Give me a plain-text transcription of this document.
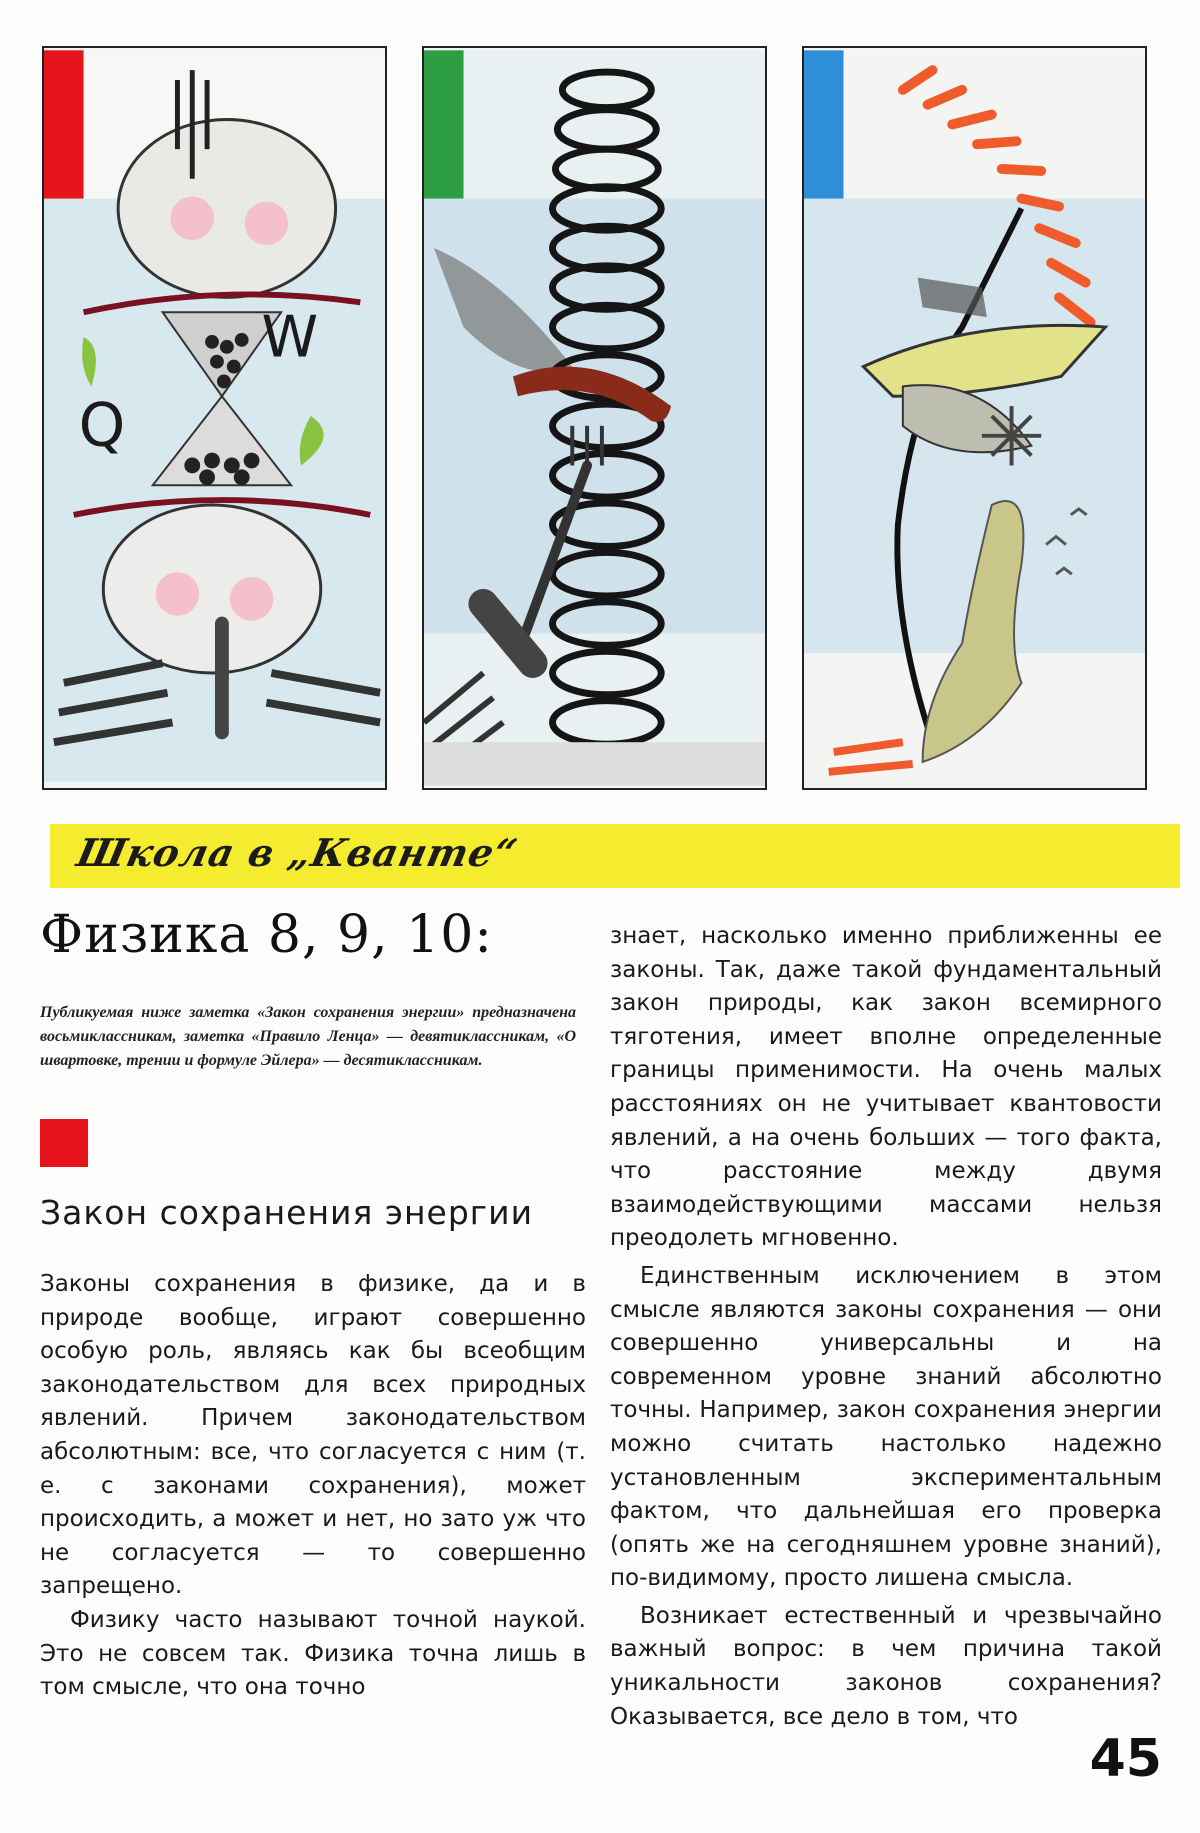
Q
W
Школа в „Кванте“
Физика 8, 9, 10:

Публикуемая ниже заметка «Закон сохранения энергии» предназначена восьмиклассникам, заметка «Правило Ленца» — девятиклассникам, «О швартовке, трении и формуле Эйлера» — десятиклассникам.

Закон сохранения энергии

Законы сохранения в физике, да и в природе вообще, играют совершенно особую роль, являясь как бы всеобщим законодательством для всех природных явлений. Причем законодательством абсолютным: все, что согласуется с ним (т. е. с законами сохранения), может происходить, а может и нет, но зато уж что не согласуется — то совершенно запрещено.

Физику часто называют точной наукой. Это не совсем так. Физика точна лишь в том смысле, что она точно

знает, насколько именно приближенны ее законы. Так, даже такой фундаментальный закон природы, как закон всемирного тяготения, имеет вполне определенные границы применимости. На очень малых расстояниях он не учитывает квантовости явлений, а на очень больших — того факта, что расстояние между двумя взаимодействующими массами нельзя преодолеть мгновенно.

Единственным исключением в этом смысле являются законы сохранения — они совершенно универсальны и на современном уровне знаний абсолютно точны. Например, закон сохранения энергии можно считать настолько надежно установленным экспериментальным фактом, что дальнейшая его проверка (опять же на сегодняшнем уровне знаний), по-видимому, просто лишена смысла.

Возникает естественный и чрезвычайно важный вопрос: в чем причина такой уникальности законов сохранения? Оказывается, все дело в том, что

45
